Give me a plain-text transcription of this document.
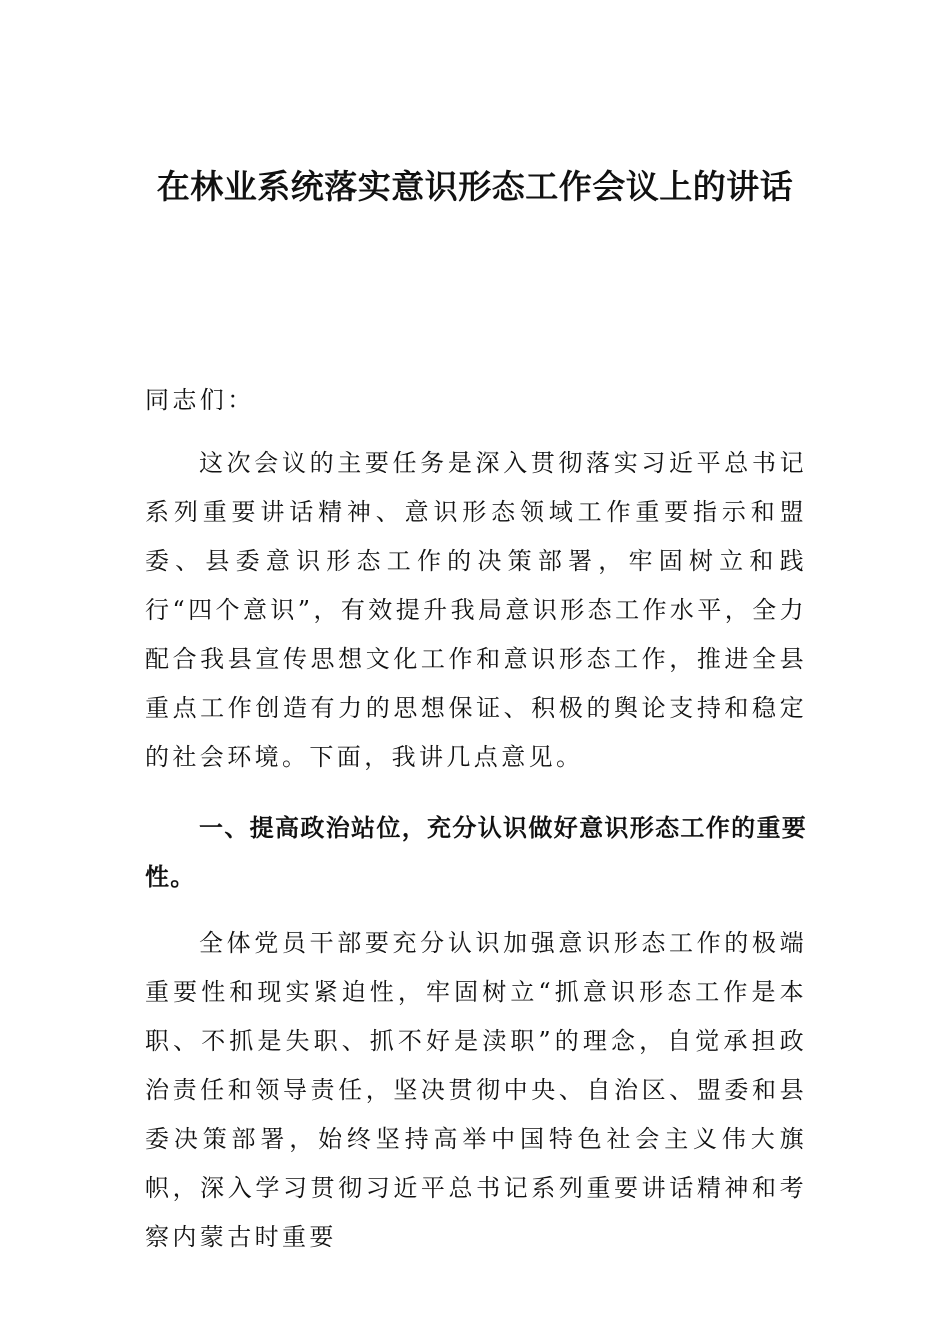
在林业系统落实意识形态工作会议上的讲话

同志们：

这次会议的主要任务是深入贯彻落实习近平总书记系列重要讲话精神、意识形态领域工作重要指示和盟委、县委意识形态工作的决策部署，牢固树立和践行“四个意识”，有效提升我局意识形态工作水平，全力配合我县宣传思想文化工作和意识形态工作，推进全县重点工作创造有力的思想保证、积极的舆论支持和稳定的社会环境。下面，我讲几点意见。

一、提高政治站位，充分认识做好意识形态工作的重要性。

全体党员干部要充分认识加强意识形态工作的极端重要性和现实紧迫性，牢固树立“抓意识形态工作是本职、不抓是失职、抓不好是渎职”的理念，自觉承担政治责任和领导责任，坚决贯彻中央、自治区、盟委和县委决策部署，始终坚持高举中国特色社会主义伟大旗帜，深入学习贯彻习近平总书记系列重要讲话精神和考察内蒙古时重要
